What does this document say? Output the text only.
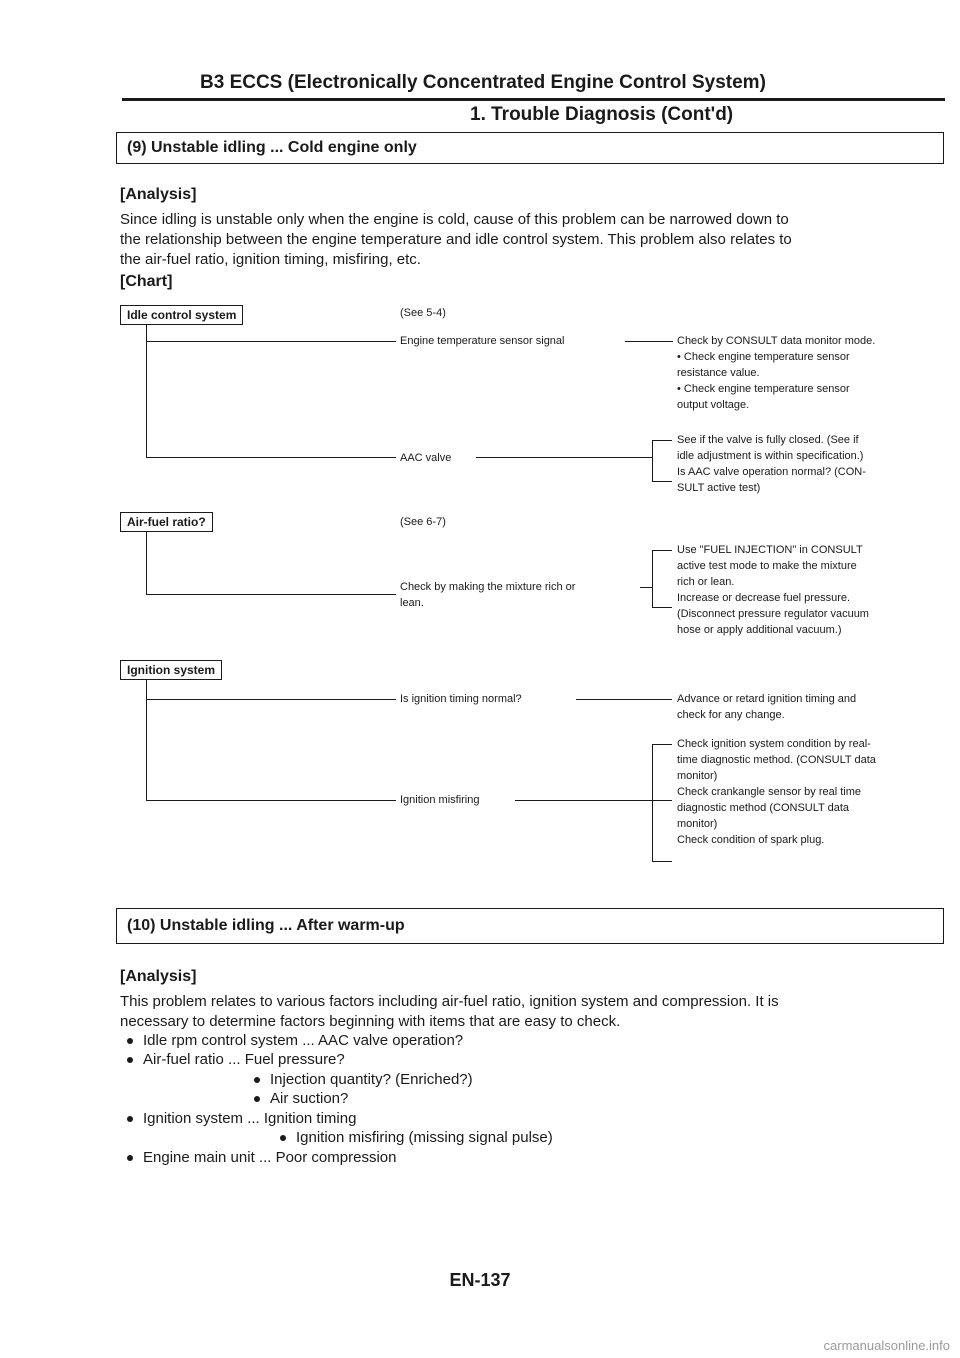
B3 ECCS (Electronically Concentrated Engine Control System)
1. Trouble Diagnosis (Cont'd)
(9) Unstable idling ... Cold engine only
[Analysis]
Since idling is unstable only when the engine is cold, cause of this problem can be narrowed down to
the relationship between the engine temperature and idle control system. This problem also relates to
the air-fuel ratio, ignition timing, misfiring, etc.
[Chart]
Idle control system	(See 5-4)
Engine temperature sensor signal	Check by CONSULT data monitor mode.
• Check engine temperature sensor
resistance value.
• Check engine temperature sensor
output voltage.
AAC valve
See if the valve is fully closed. (See if
idle adjustment is within specification.)
Is AAC valve operation normal? (CON-
SULT active test)
Air-fuel ratio?	(See 6-7)
Check by making the mixture rich or
lean.
Use "FUEL INJECTION" in CONSULT
active test mode to make the mixture
rich or lean.
Increase or decrease fuel pressure.
(Disconnect pressure regulator vacuum
hose or apply additional vacuum.)
Ignition system
Is ignition timing normal?	Advance or retard ignition timing and
check for any change.
Ignition misfiring
Check ignition system condition by real-
time diagnostic method. (CONSULT data
monitor)
Check crankangle sensor by real time
diagnostic method (CONSULT data
monitor)
Check condition of spark plug.
(10) Unstable idling ... After warm-up
[Analysis]
This problem relates to various factors including air-fuel ratio, ignition system and compression. It is
necessary to determine factors beginning with items that are easy to check.
Idle rpm control system ... AAC valve operation?
Air-fuel ratio ... Fuel pressure?
Injection quantity? (Enriched?)
Air suction?
Ignition system ... Ignition timing
Ignition misfiring (missing signal pulse)
Engine main unit ... Poor compression
EN-137
carmanualsonline.info
